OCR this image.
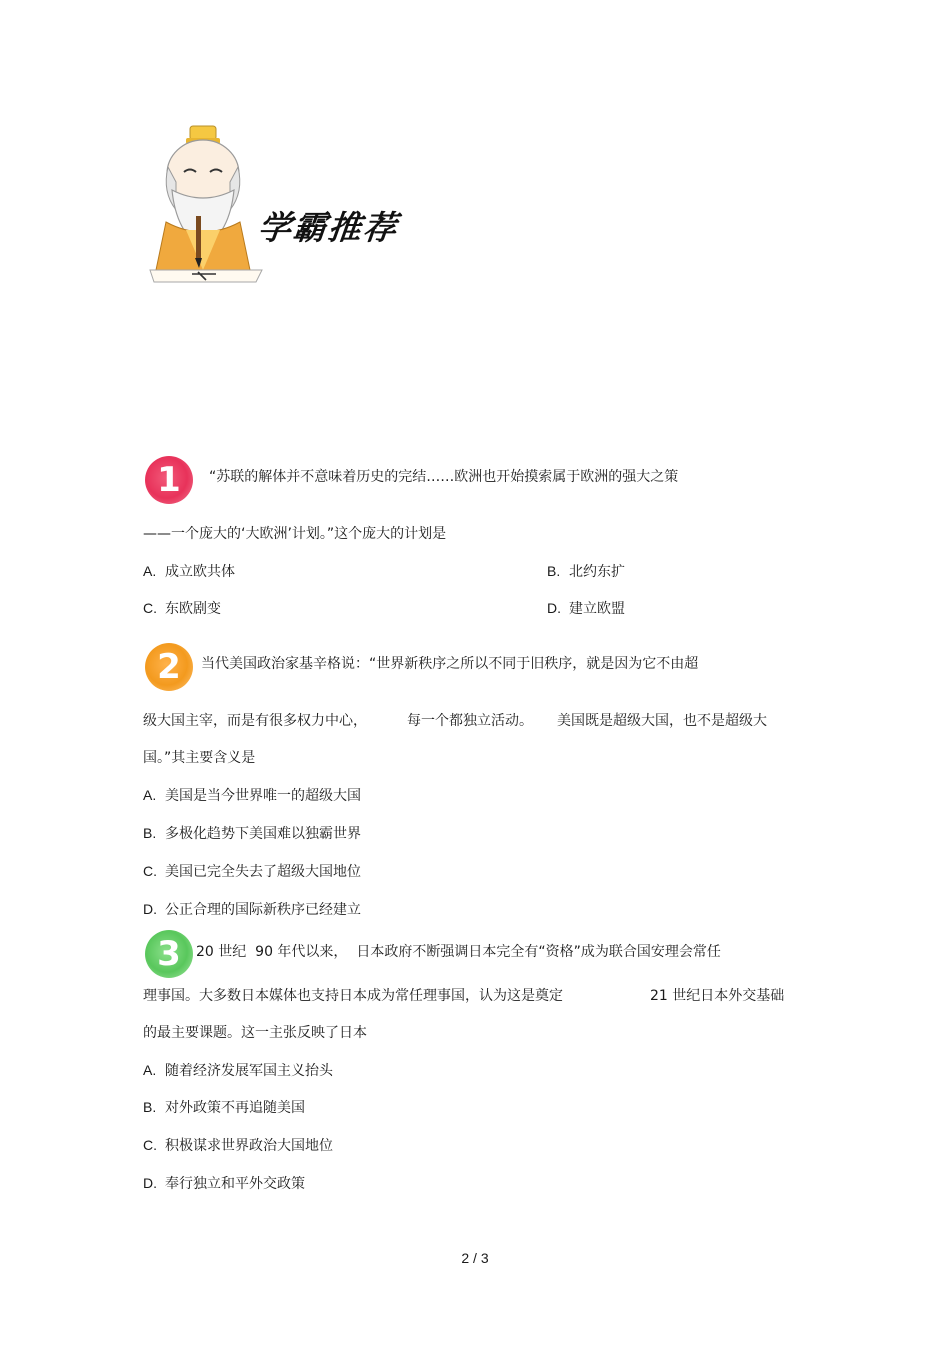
学霸推荐
1	“苏联的解体并不意味着历史的完结……欧洲也开始摸索属于欧洲的强大之策
——一个庞大的‘大欧洲’计划。”这个庞大的计划是
A. 成立欧共体	B. 北约东扩
C. 东欧剧变	D. 建立欧盟
2	当代美国政治家基辛格说：“世界新秩序之所以不同于旧秩序，就是因为它不由超
级大国主宰，而是有很多权力中心，	每一个都独立活动。 美国既是超级大国，也不是超级大
国。”其主要含义是
A. 美国是当今世界唯一的超级大国
B. 多极化趋势下美国难以独霸世界
C. 美国已完全失去了超级大国地位
D. 公正合理的国际新秩序已经建立
3	20 世纪  90 年代以来，  日本政府不断强调日本完全有“资格”成为联合国安理会常任
理事国。大多数日本媒体也支持日本成为常任理事国，认为这是奠定	21 世纪日本外交基础
的最主要课题。这一主张反映了日本
A. 随着经济发展军国主义抬头
B. 对外政策不再追随美国
C. 积极谋求世界政治大国地位
D. 奉行独立和平外交政策
2 / 3
